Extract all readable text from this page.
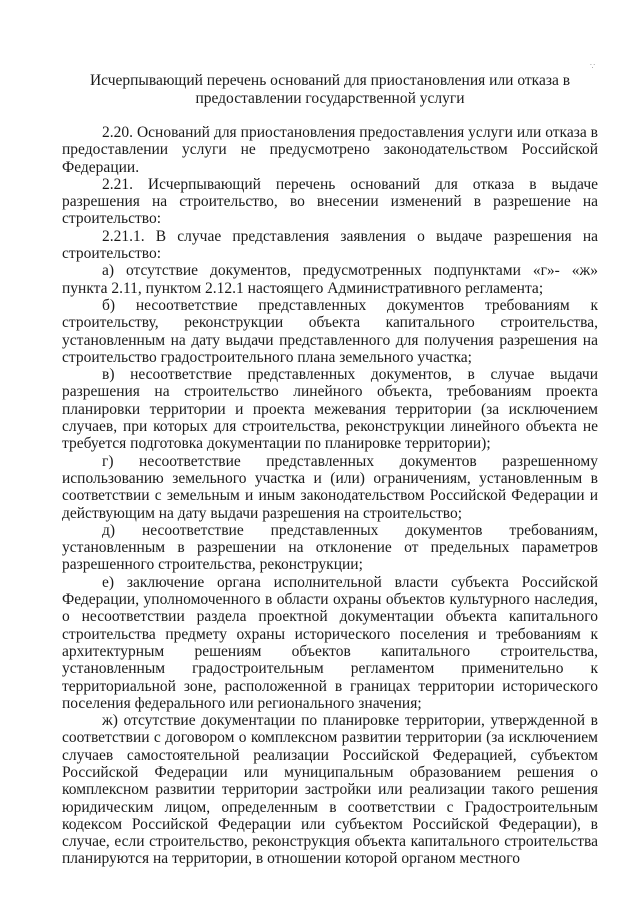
∵
Исчерпывающий перечень оснований для приостановления или отказа в
предоставлении государственной услуги

2.20. Оснований для приостановления предоставления услуги или отказа в предоставлении услуги не предусмотрено законодательством Российской Федерации.

2.21. Исчерпывающий перечень оснований для отказа в выдаче разрешения на строительство, во внесении изменений в разрешение на строительство:

2.21.1. В случае представления заявления о выдаче разрешения на строительство:

а) отсутствие документов, предусмотренных подпунктами «г»- «ж» пункта 2.11, пунктом 2.12.1 настоящего Административного регламента;

б) несоответствие представленных документов требованиям к строительству, реконструкции объекта капитального строительства, установленным на дату выдачи представленного для получения разрешения на строительство градостроительного плана земельного участка;

в) несоответствие представленных документов, в случае выдачи разрешения на строительство линейного объекта, требованиям проекта планировки территории и проекта межевания территории (за исключением случаев, при которых для строительства, реконструкции линейного объекта не требуется подготовка документации по планировке территории);

г) несоответствие представленных документов разрешенному использованию земельного участка и (или) ограничениям, установленным в соответствии с земельным и иным законодательством Российской Федерации и действующим на дату выдачи разрешения на строительство;

д) несоответствие представленных документов требованиям, установленным в разрешении на отклонение от предельных параметров разрешенного строительства, реконструкции;

е) заключение органа исполнительной власти субъекта Российской Федерации, уполномоченного в области охраны объектов культурного наследия, о несоответствии раздела проектной документации объекта капитального строительства предмету охраны исторического поселения и требованиям к архитектурным решениям объектов капитального строительства, установленным градостроительным регламентом применительно к территориальной зоне, расположенной в границах территории исторического поселения федерального или регионального значения;

ж) отсутствие документации по планировке территории, утвержденной в соответствии с договором о комплексном развитии территории (за исключением случаев самостоятельной реализации Российской Федерацией, субъектом Российской Федерации или муниципальным образованием решения о комплексном развитии территории застройки или реализации такого решения юридическим лицом, определенным в соответствии с Градостроительным кодексом Российской Федерации или субъектом Российской Федерации), в случае, если строительство, реконструкция объекта капитального строительства планируются на территории, в отношении которой органом местного
